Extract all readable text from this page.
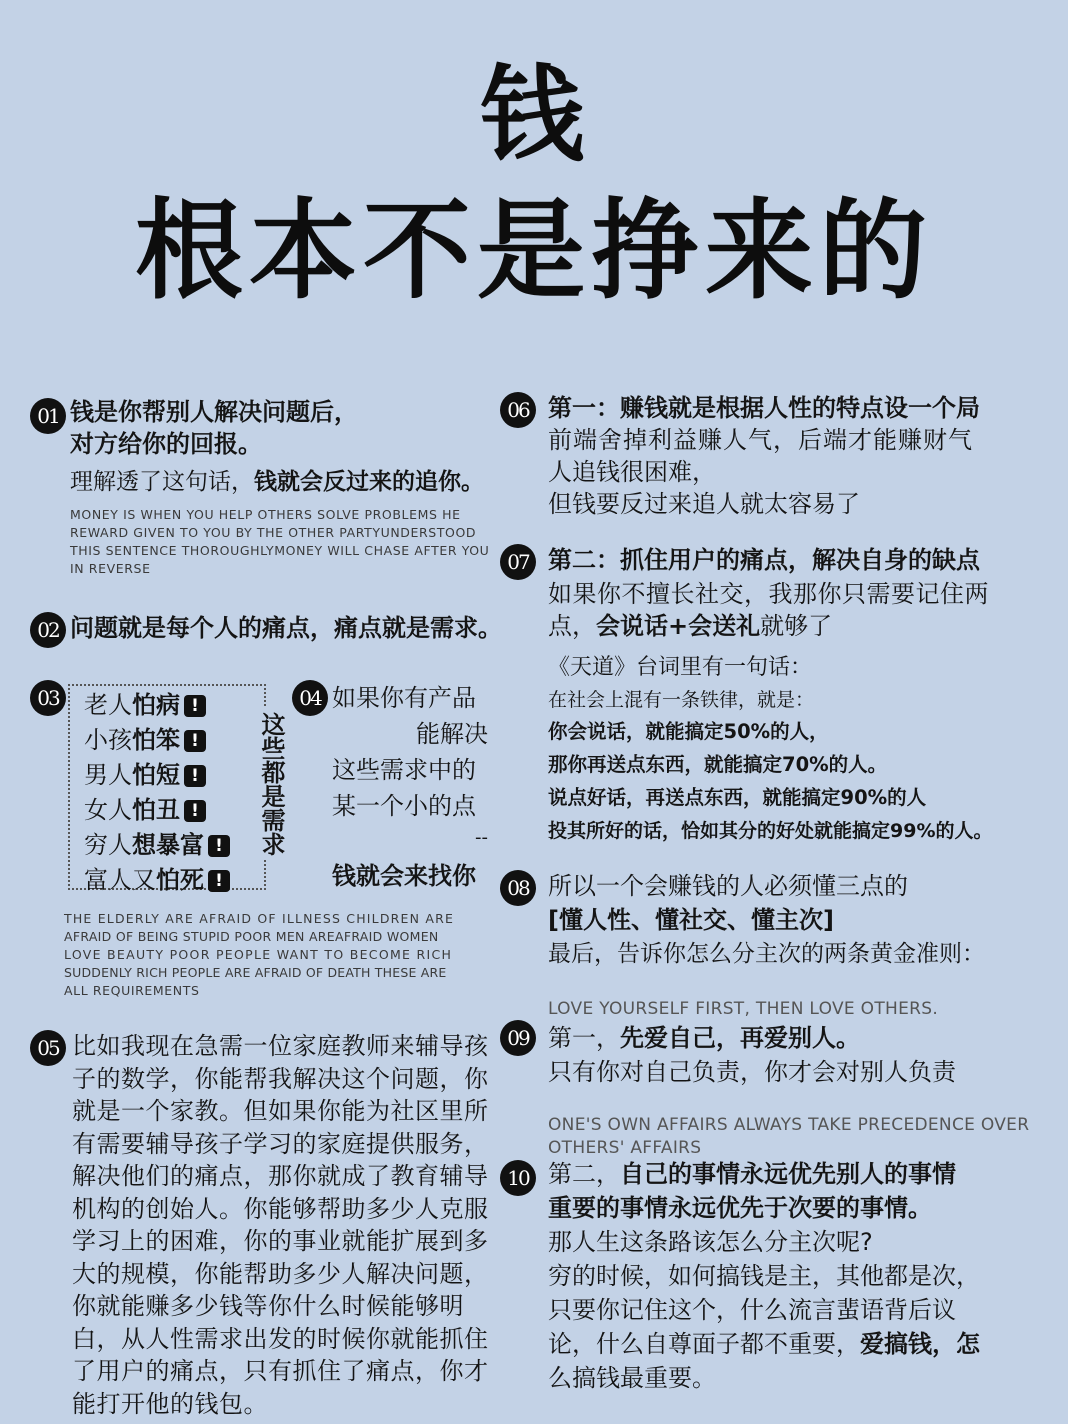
钱
根本不是挣来的
01 钱是你帮别人解决问题后，
对方给你的回报。
理解透了这句话，钱就会反过来的追你。
MONEY IS WHEN YOU HELP OTHERS SOLVE PROBLEMS HE
REWARD GIVEN TO YOU BY THE OTHER PARTYUNDERSTOOD
THIS SENTENCE THOROUGHLYMONEY WILL CHASE AFTER YOU
IN REVERSE
02 问题就是每个人的痛点，痛点就是需求。
03	老人怕病 !
小孩怕笨 !
男人怕短 !
女人怕丑 !
穷人想暴富 !
富人又怕死 !
这些都是需求
04 如果你有产品
能解决
这些需求中的
某一个小的点
--
钱就会来找你
THE ELDERLY ARE AFRAID OF ILLNESS CHILDREN ARE
AFRAID OF BEING STUPID POOR MEN AREAFRAID WOMEN
LOVE BEAUTY POOR PEOPLE WANT TO BECOME RICH
SUDDENLY RICH PEOPLE ARE AFRAID OF DEATH THESE ARE
ALL REQUIREMENTS
05 比如我现在急需一位家庭教师来辅导孩

子的数学，你能帮我解决这个问题，你

就是一个家教。但如果你能为社区里所

有需要辅导孩子学习的家庭提供服务，

解决他们的痛点，那你就成了教育辅导

机构的创始人。你能够帮助多少人克服

学习上的困难，你的事业就能扩展到多

大的规模，你能帮助多少人解决问题，

你就能赚多少钱等你什么时候能够明

白，从人性需求出发的时候你就能抓住

了用户的痛点，只有抓住了痛点，你才

能打开他的钱包。

06 第一：赚钱就是根据人性的特点设一个局
前端舍掉利益赚人气，后端才能赚财气
人追钱很困难，
但钱要反过来追人就太容易了
07 第二：抓住用户的痛点，解决自身的缺点
如果你不擅长社交，我那你只需要记住两
点，会说话+会送礼就够了
《天道》台词里有一句话：
在社会上混有一条铁律，就是：
你会说话，就能搞定50%的人，
那你再送点东西，就能搞定70%的人。
说点好话，再送点东西，就能搞定90%的人
投其所好的话，恰如其分的好处就能搞定99%的人。
08 所以一个会赚钱的人必须懂三点的
[懂人性、懂社交、懂主次]
最后，告诉你怎么分主次的两条黄金准则：
LOVE YOURSELF FIRST, THEN LOVE OTHERS.
09 第一，先爱自己，再爱别人。
只有你对自己负责，你才会对别人负责
ONE'S OWN AFFAIRS ALWAYS TAKE PRECEDENCE OVER
OTHERS' AFFAIRS
10 第二，自己的事情永远优先别人的事情
重要的事情永远优先于次要的事情。
那人生这条路该怎么分主次呢?
穷的时候，如何搞钱是主，其他都是次，
只要你记住这个，什么流言蜚语背后议
论，什么自尊面子都不重要，爱搞钱，怎
么搞钱最重要。
